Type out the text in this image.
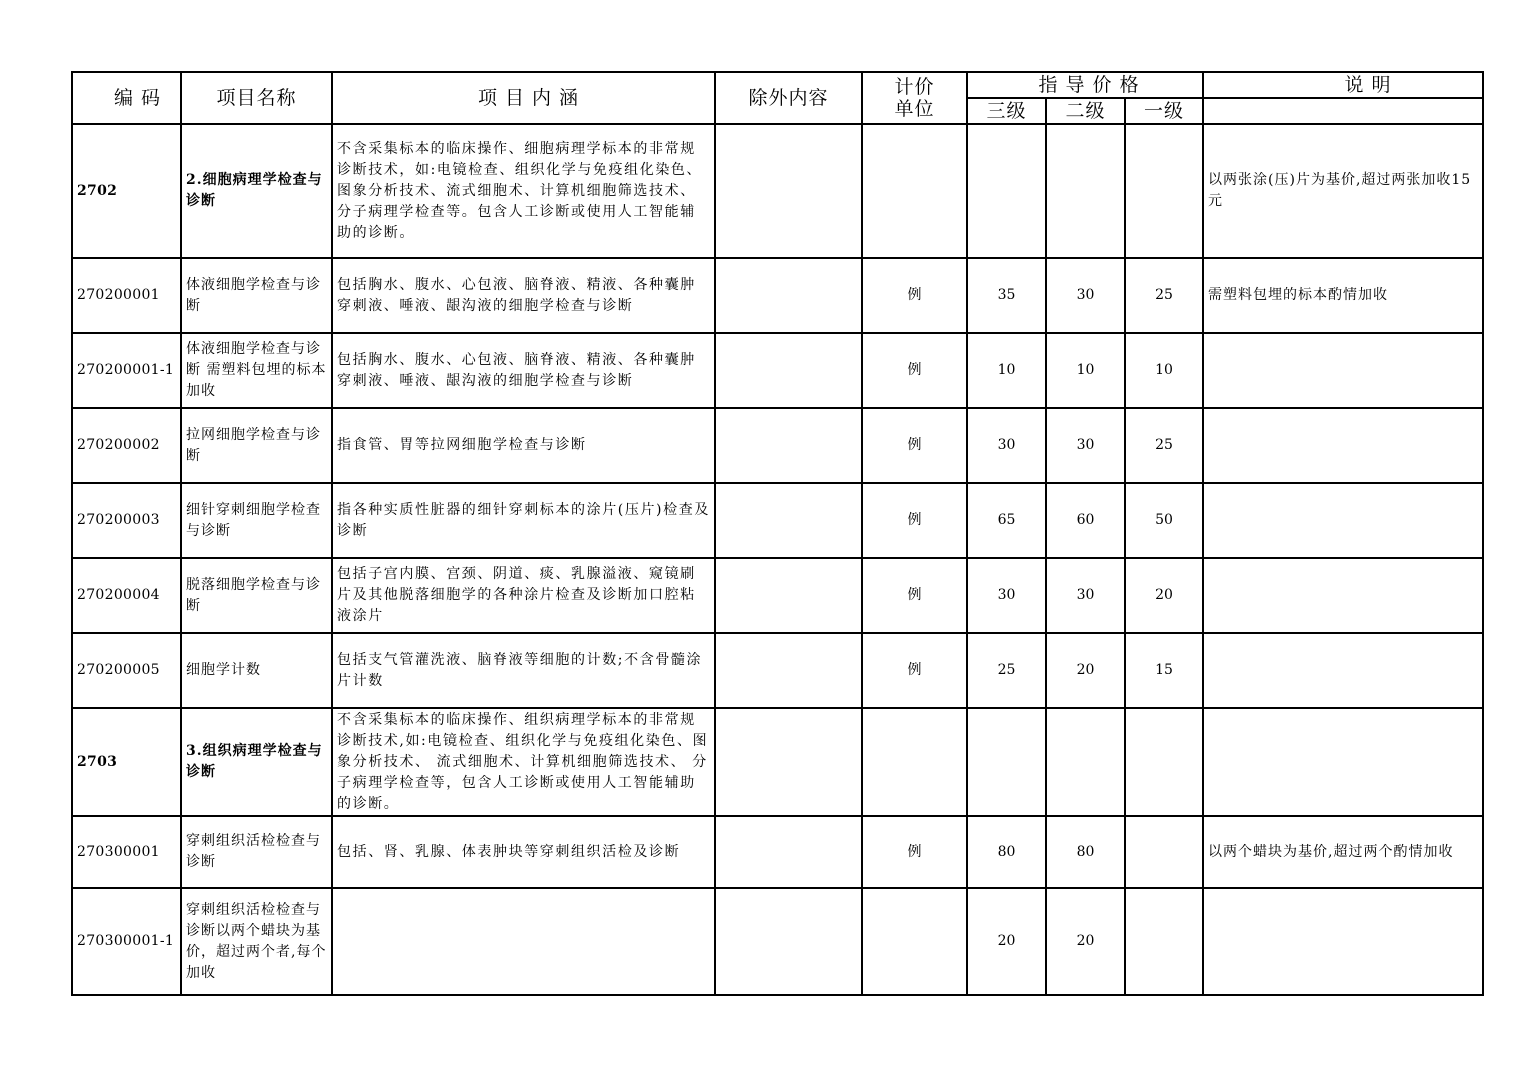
编 码	项目名称	项 目 内 涵	除外内容	计价
单位	指 导 价 格			说 明
					三级	二级	一级	
2702	2.细胞病理学检查与诊断	不含采集标本的临床操作、细胞病理学标本的非常规诊断技术，如:电镜检查、组织化学与免疫组化染色、图象分析技术、流式细胞术、计算机细胞筛选技术、分子病理学检查等。包含人工诊断或使用人工智能辅助的诊断。						以两张涂(压)片为基价,超过两张加收15元
270200001	体液细胞学检查与诊断	包括胸水、腹水、心包液、脑脊液、精液、各种囊肿穿刺液、唾液、龈沟液的细胞学检查与诊断		例	35	30	25	需塑料包埋的标本酌情加收
270200001-1	体液细胞学检查与诊断 需塑料包埋的标本加收	包括胸水、腹水、心包液、脑脊液、精液、各种囊肿穿刺液、唾液、龈沟液的细胞学检查与诊断		例	10	10	10	
270200002	拉网细胞学检查与诊断	指食管、胃等拉网细胞学检查与诊断		例	30	30	25	
270200003	细针穿刺细胞学检查与诊断	指各种实质性脏器的细针穿刺标本的涂片(压片)检查及诊断		例	65	60	50	
270200004	脱落细胞学检查与诊断	包括子宫内膜、宫颈、阴道、痰、乳腺溢液、窥镜刷片及其他脱落细胞学的各种涂片检查及诊断加口腔粘液涂片		例	30	30	20	
270200005	细胞学计数	包括支气管灌洗液、脑脊液等细胞的计数;不含骨髓涂片计数		例	25	20	15	
2703	3.组织病理学检查与诊断	不含采集标本的临床操作、组织病理学标本的非常规诊断技术,如:电镜检查、组织化学与免疫组化染色、图象分析技术、 流式细胞术、计算机细胞筛选技术、 分子病理学检查等，包含人工诊断或使用人工智能辅助的诊断。						
270300001	穿刺组织活检检查与诊断	包括、肾、乳腺、体表肿块等穿刺组织活检及诊断		例	80	80		以两个蜡块为基价,超过两个酌情加收
270300001-1	穿刺组织活检检查与诊断以两个蜡块为基价，超过两个者,每个加收				20	20		
